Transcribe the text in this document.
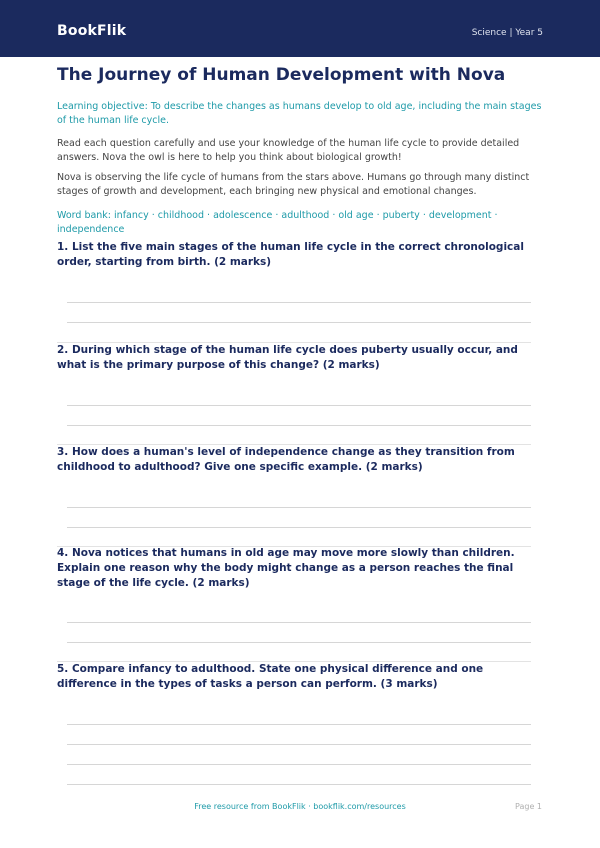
BookFlik	Science | Year 5
The Journey of Human Development with Nova

Learning objective: To describe the changes as humans develop to old age, including the main stages of the human life cycle.

Read each question carefully and use your knowledge of the human life cycle to provide detailed answers. Nova the owl is here to help you think about biological growth!

Nova is observing the life cycle of humans from the stars above. Humans go through many distinct stages of growth and development, each bringing new physical and emotional changes.

Word bank: infancy · childhood · adolescence · adulthood · old age · puberty · development · independence

1. List the five main stages of the human life cycle in the correct chronological order, starting from birth. (2 marks)

2. During which stage of the human life cycle does puberty usually occur, and what is the primary purpose of this change? (2 marks)

3. How does a human's level of independence change as they transition from childhood to adulthood? Give one specific example. (2 marks)

4. Nova notices that humans in old age may move more slowly than children. Explain one reason why the body might change as a person reaches the final stage of the life cycle. (2 marks)

5. Compare infancy to adulthood. State one physical difference and one difference in the types of tasks a person can perform. (3 marks)

Free resource from BookFlik · bookflik.com/resources	Page 1
